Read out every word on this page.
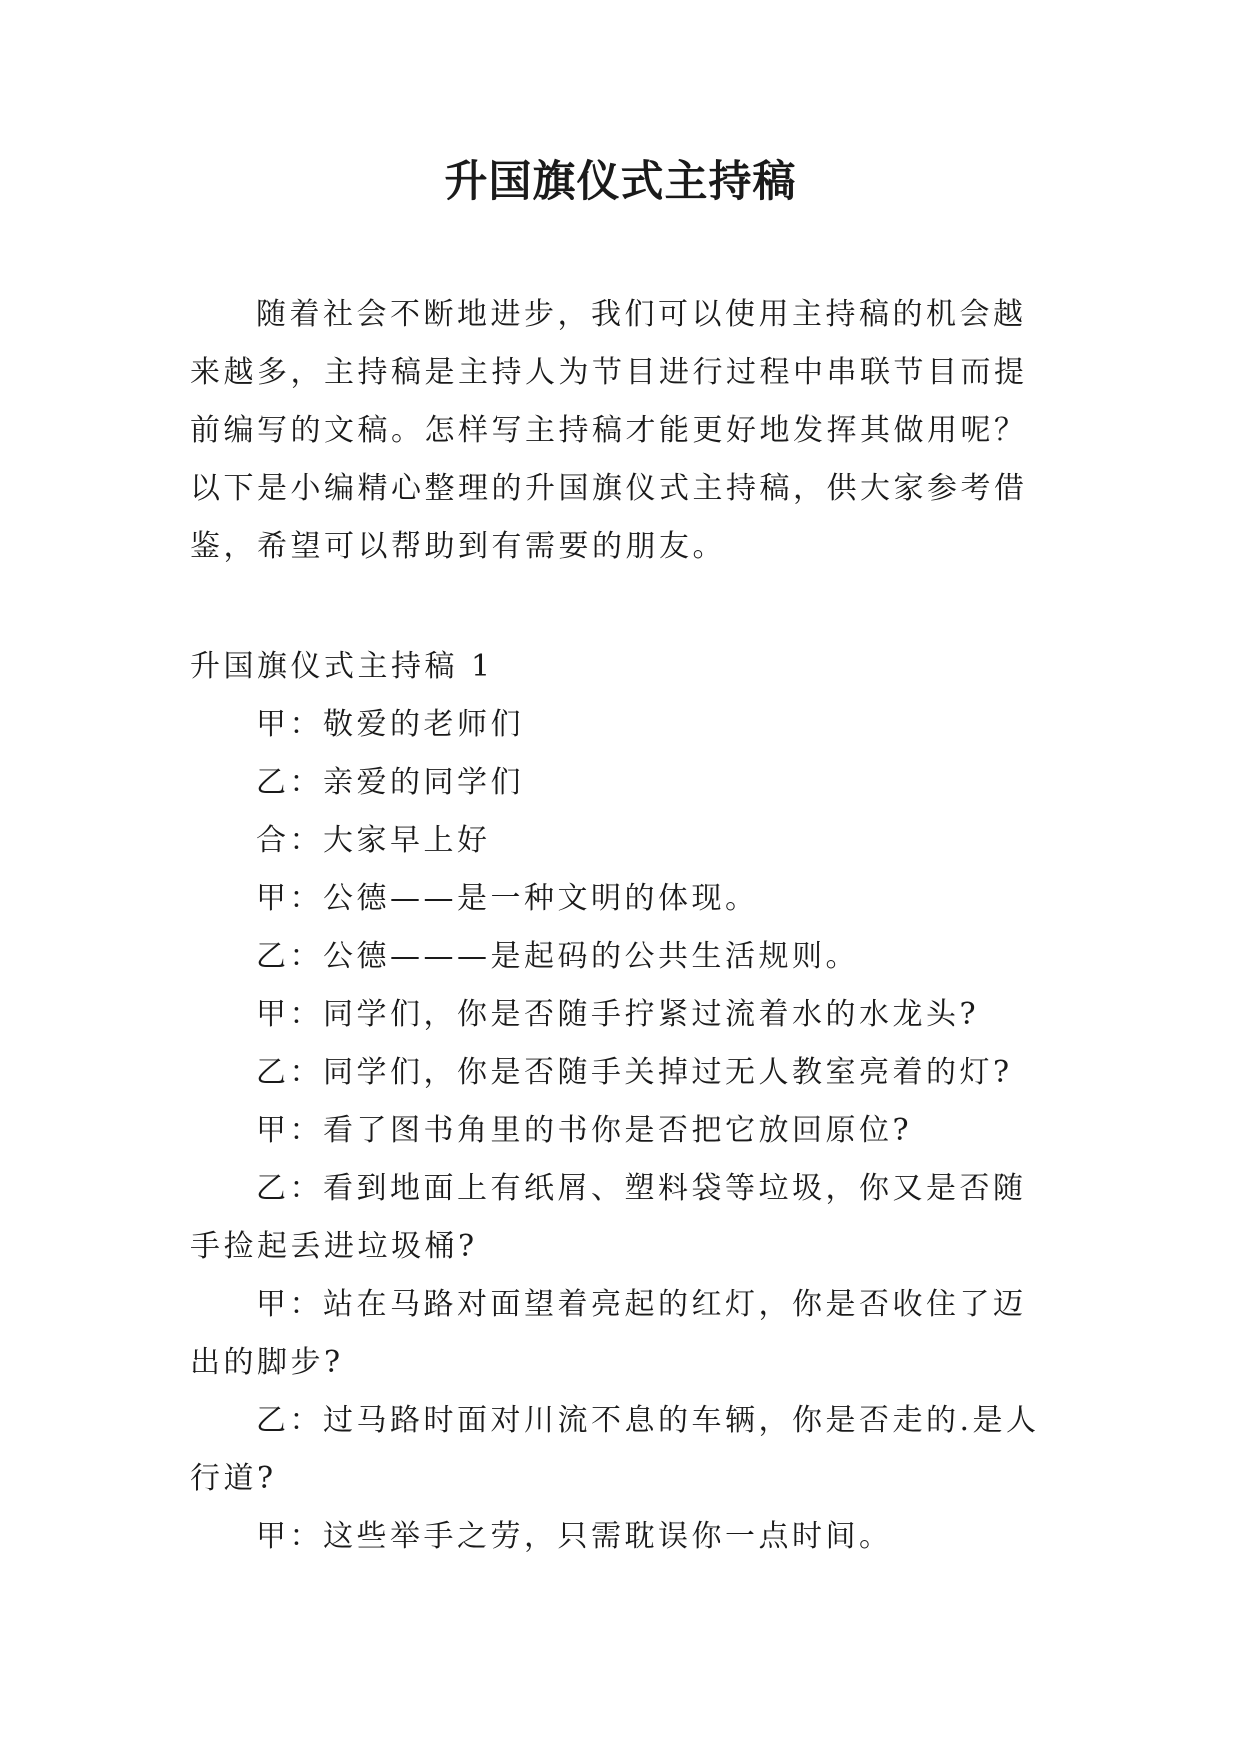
升国旗仪式主持稿

随着社会不断地进步，我们可以使用主持稿的机会越来越多，主持稿是主持人为节目进行过程中串联节目而提前编写的文稿。怎样写主持稿才能更好地发挥其做用呢？以下是小编精心整理的升国旗仪式主持稿，供大家参考借鉴，希望可以帮助到有需要的朋友。

升国旗仪式主持稿 1

甲：敬爱的老师们

乙：亲爱的同学们

合：大家早上好

甲：公德——是一种文明的体现。

乙：公德———是起码的公共生活规则。

甲：同学们，你是否随手拧紧过流着水的水龙头?

乙：同学们，你是否随手关掉过无人教室亮着的灯?

甲：看了图书角里的书你是否把它放回原位?

乙：看到地面上有纸屑、塑料袋等垃圾，你又是否随手捡起丢进垃圾桶?

甲：站在马路对面望着亮起的红灯，你是否收住了迈出的脚步?

乙：过马路时面对川流不息的车辆，你是否走的.是人行道?

甲：这些举手之劳，只需耽误你一点时间。
